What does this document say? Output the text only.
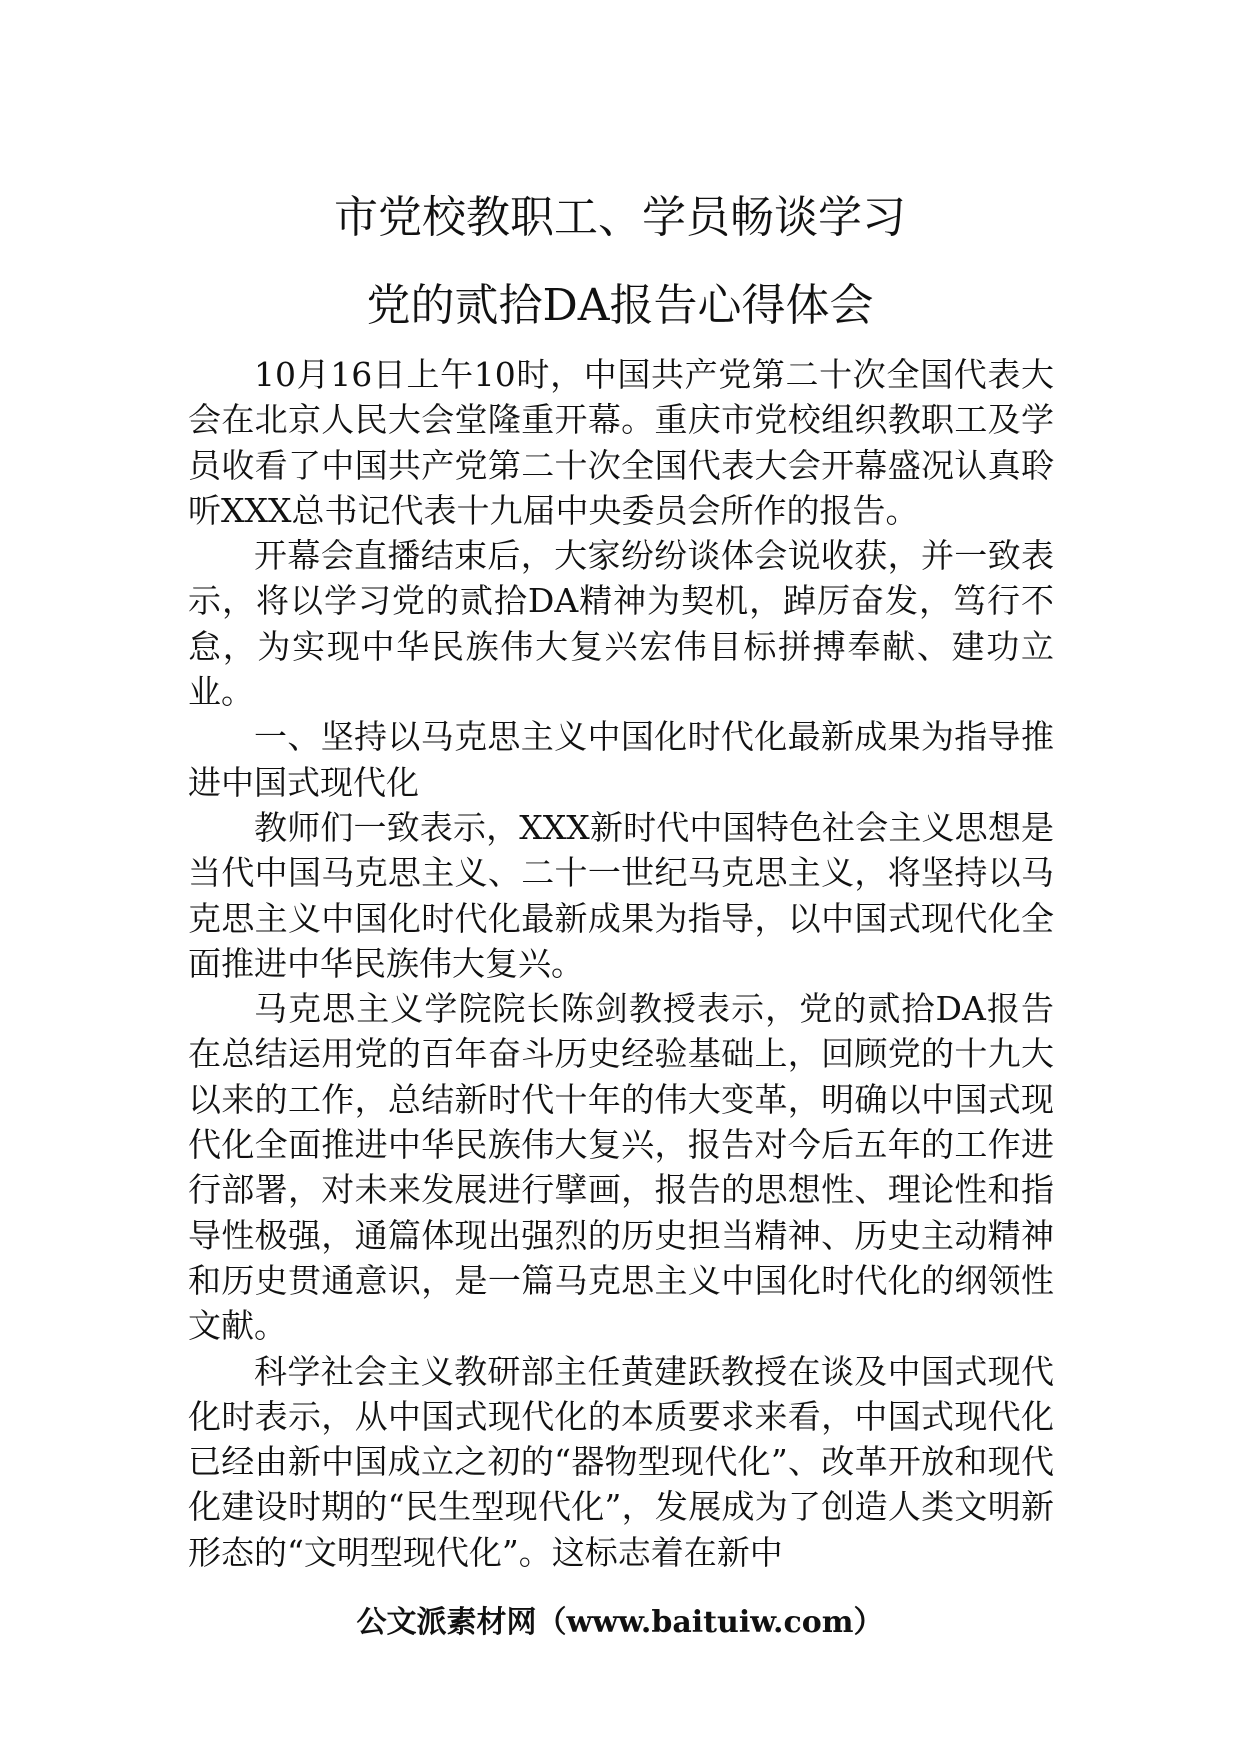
市党校教职工、学员畅谈学习
党的贰拾DA报告心得体会

10月16日上午10时，中国共产党第二十次全国代表大会在北京人民大会堂隆重开幕。重庆市党校组织教职工及学员收看了中国共产党第二十次全国代表大会开幕盛况认真聆听XXX总书记代表十九届中央委员会所作的报告。

开幕会直播结束后，大家纷纷谈体会说收获，并一致表示，将以学习党的贰拾DA精神为契机，踔厉奋发，笃行不怠，为实现中华民族伟大复兴宏伟目标拼搏奉献、建功立业。

一、坚持以马克思主义中国化时代化最新成果为指导推进中国式现代化

教师们一致表示，XXX新时代中国特色社会主义思想是当代中国马克思主义、二十一世纪马克思主义，将坚持以马克思主义中国化时代化最新成果为指导，以中国式现代化全面推进中华民族伟大复兴。

马克思主义学院院长陈剑教授表示，党的贰拾DA报告在总结运用党的百年奋斗历史经验基础上，回顾党的十九大以来的工作，总结新时代十年的伟大变革，明确以中国式现代化全面推进中华民族伟大复兴，报告对今后五年的工作进行部署，对未来发展进行擘画，报告的思想性、理论性和指导性极强，通篇体现出强烈的历史担当精神、历史主动精神和历史贯通意识，是一篇马克思主义中国化时代化的纲领性文献。

科学社会主义教研部主任黄建跃教授在谈及中国式现代化时表示，从中国式现代化的本质要求来看，中国式现代化已经由新中国成立之初的“器物型现代化”、改革开放和现代化建设时期的“民生型现代化”，发展成为了创造人类文明新形态的“文明型现代化”。这标志着在新中

公文派素材网（www.baituiw.com）
